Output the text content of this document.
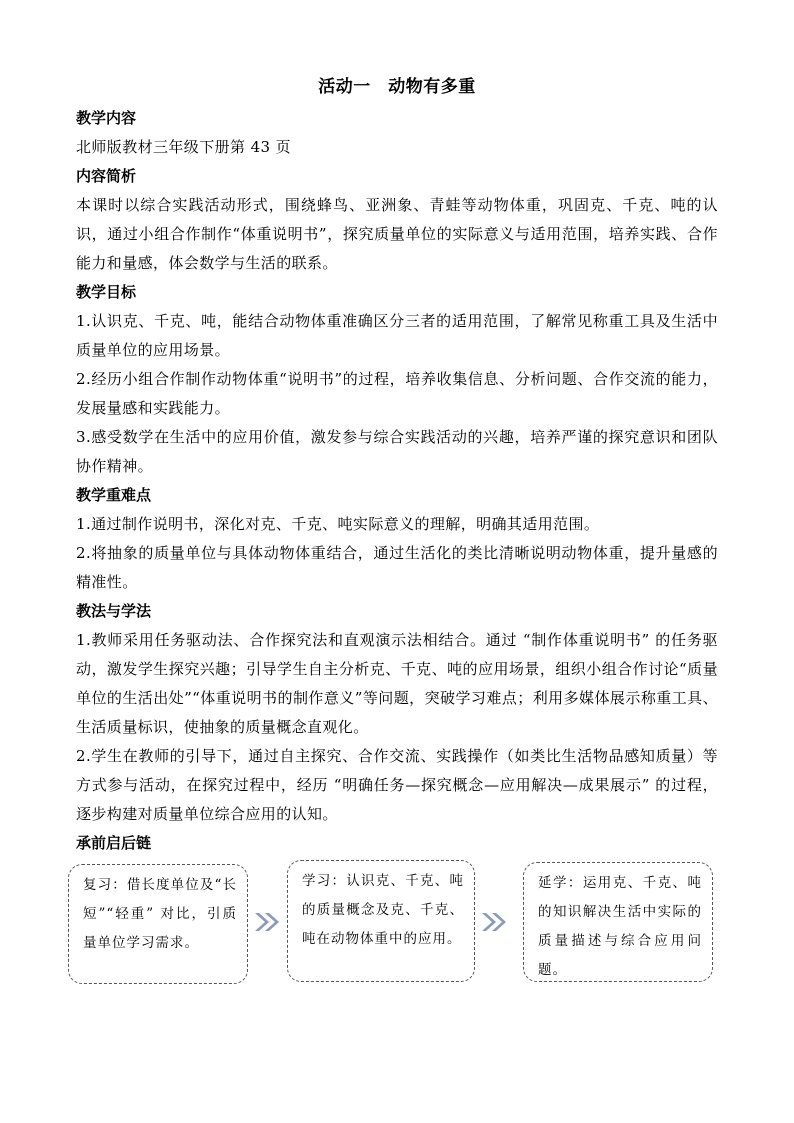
活动一　动物有多重
教学内容
北师版教材三年级下册第 43 页
内容简析
本课时以综合实践活动形式，围绕蜂鸟、亚洲象、青蛙等动物体重，巩固克、千克、吨的认识，通过小组合作制作“体重说明书”，探究质量单位的实际意义与适用范围，培养实践、合作能力和量感，体会数学与生活的联系。
教学目标
1.认识克、千克、吨，能结合动物体重准确区分三者的适用范围，了解常见称重工具及生活中质量单位的应用场景。
2.经历小组合作制作动物体重“说明书”的过程，培养收集信息、分析问题、合作交流的能力，发展量感和实践能力。
3.感受数学在生活中的应用价值，激发参与综合实践活动的兴趣，培养严谨的探究意识和团队协作精神。
教学重难点
1.通过制作说明书，深化对克、千克、吨实际意义的理解，明确其适用范围。
2.将抽象的质量单位与具体动物体重结合，通过生活化的类比清晰说明动物体重，提升量感的精准性。
教法与学法
1.教师采用任务驱动法、合作探究法和直观演示法相结合。通过 “制作体重说明书” 的任务驱动，激发学生探究兴趣；引导学生自主分析克、千克、吨的应用场景，组织小组合作讨论“质量单位的生活出处”“体重说明书的制作意义”等问题，突破学习难点；利用多媒体展示称重工具、生活质量标识，使抽象的质量概念直观化。
2.学生在教师的引导下，通过自主探究、合作交流、实践操作（如类比生活物品感知质量）等方式参与活动，在探究过程中，经历 “明确任务—探究概念—应用解决—成果展示” 的过程，逐步构建对质量单位综合应用的认知。
承前启后链
复习：借长度单位及“长短”“轻重” 对比，引质量单位学习需求。
学习：认识克、千克、吨的质量概念及克、千克、吨在动物体重中的应用。
延学：运用克、千克、吨的知识解决生活中实际的质量描述与综合应用问题。
